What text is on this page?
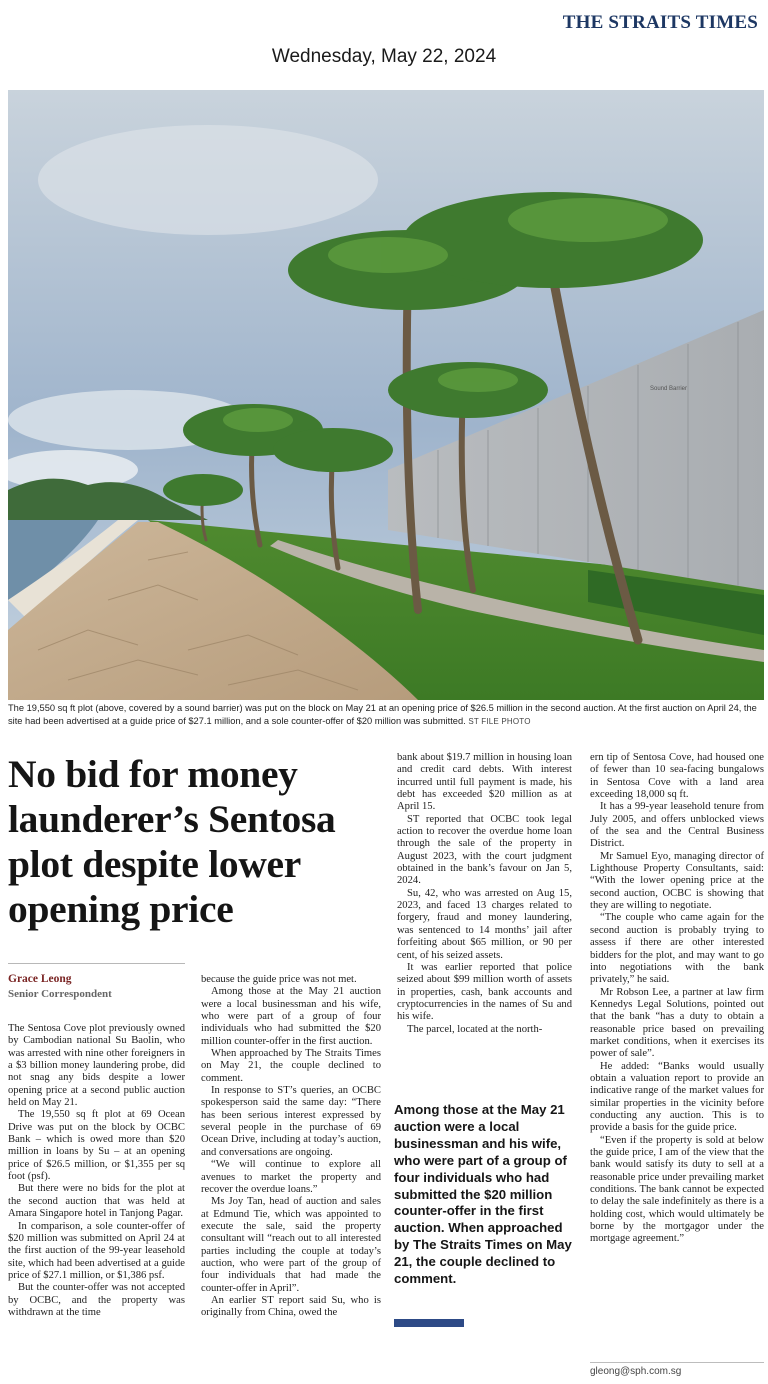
THE STRAITS TIMES
Wednesday, May 22, 2024
Sound Barrier
The 19,550 sq ft plot (above, covered by a sound barrier) was put on the block on May 21 at an opening price of $26.5 million in the second auction. At the first auction on April 24, the site had been advertised at a guide price of $27.1 million, and a sole counter-offer of $20 million was submitted. ST FILE PHOTO
No bid for money launderer’s Sentosa plot despite lower opening price
Grace Leong
Senior Correspondent

The Sentosa Cove plot previously owned by Cambodian national Su Baolin, who was arrested with nine other foreigners in a $3 billion money laundering probe, did not snag any bids despite a lower opening price at a second public auction held on May 21.

The 19,550 sq ft plot at 69 Ocean Drive was put on the block by OCBC Bank – which is owed more than $20 million in loans by Su – at an opening price of $26.5 million, or $1,355 per sq foot (psf).

But there were no bids for the plot at the second auction that was held at Amara Singapore hotel in Tanjong Pagar.

In comparison, a sole counter-offer of $20 million was submitted on April 24 at the first auction of the 99-year leasehold site, which had been advertised at a guide price of $27.1 million, or $1,386 psf.

But the counter-offer was not accepted by OCBC, and the property was withdrawn at the time

because the guide price was not met.

Among those at the May 21 auction were a local businessman and his wife, who were part of a group of four individuals who had submitted the $20 million counter-offer in the first auction.

When approached by The Straits Times on May 21, the couple declined to comment.

In response to ST’s queries, an OCBC spokesperson said the same day: “There has been serious interest expressed by several people in the purchase of 69 Ocean Drive, including at today’s auction, and conversations are ongoing.

“We will continue to explore all avenues to market the property and recover the overdue loans.”

Ms Joy Tan, head of auction and sales at Edmund Tie, which was appointed to execute the sale, said the property consultant will “reach out to all interested parties including the couple at today’s auction, who were part of the group of four individuals that had made the counter-offer in April”.

An earlier ST report said Su, who is originally from China, owed the

bank about $19.7 million in housing loan and credit card debts. With interest incurred until full payment is made, his debt has exceeded $20 million as at April 15.

ST reported that OCBC took legal action to recover the overdue home loan through the sale of the property in August 2023, with the court judgment obtained in the bank’s favour on Jan 5, 2024.

Su, 42, who was arrested on Aug 15, 2023, and faced 13 charges related to forgery, fraud and money laundering, was sentenced to 14 months’ jail after forfeiting about $65 million, or 90 per cent, of his seized assets.

It was earlier reported that police seized about $99 million worth of assets in properties, cash, bank accounts and cryptocurrencies in the names of Su and his wife.

The parcel, located at the north-

Among those at the May 21 auction were a local businessman and his wife, who were part of a group of four individuals who had submitted the $20 million counter-offer in the first auction. When approached by The Straits Times on May 21, the couple declined to comment.

ern tip of Sentosa Cove, had housed one of fewer than 10 sea-facing bungalows in Sentosa Cove with a land area exceeding 18,000 sq ft.

It has a 99-year leasehold tenure from July 2005, and offers unblocked views of the sea and the Central Business District.

Mr Samuel Eyo, managing director of Lighthouse Property Consultants, said: “With the lower opening price at the second auction, OCBC is showing that they are willing to negotiate.

“The couple who came again for the second auction is probably trying to assess if there are other interested bidders for the plot, and may want to go into negotiations with the bank privately,” he said.

Mr Robson Lee, a partner at law firm Kennedys Legal Solutions, pointed out that the bank “has a duty to obtain a reasonable price based on prevailing market conditions, when it exercises its power of sale”.

He added: “Banks would usually obtain a valuation report to provide an indicative range of the market values for similar properties in the vicinity before conducting any auction. This is to provide a basis for the guide price.

“Even if the property is sold at below the guide price, I am of the view that the bank would satisfy its duty to sell at a reasonable price under prevailing market conditions. The bank cannot be expected to delay the sale indefinitely as there is a holding cost, which would ultimately be borne by the mortgagor under the mortgage agreement.”

gleong@sph.com.sg
